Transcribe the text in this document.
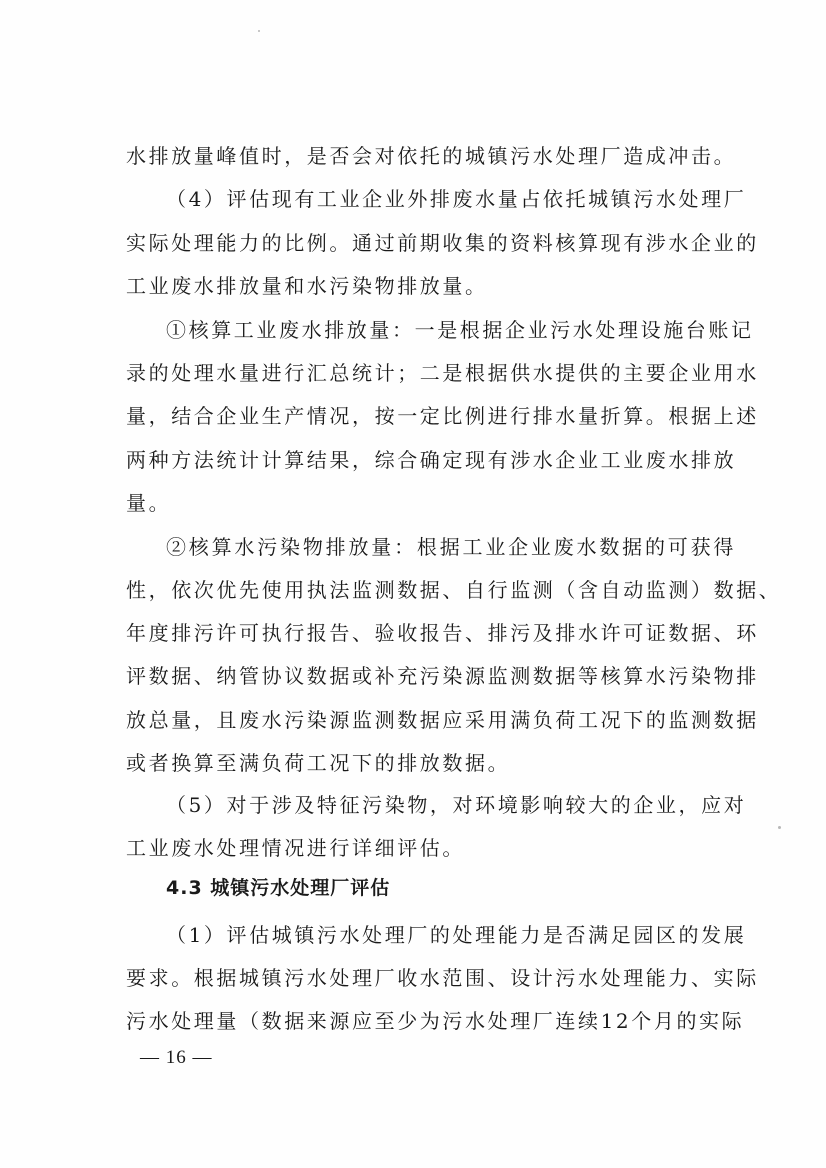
水排放量峰值时，是否会对依托的城镇污水处理厂造成冲击。
（4）评估现有工业企业外排废水量占依托城镇污水处理厂
实际处理能力的比例。通过前期收集的资料核算现有涉水企业的
工业废水排放量和水污染物排放量。
①核算工业废水排放量：一是根据企业污水处理设施台账记
录的处理水量进行汇总统计；二是根据供水提供的主要企业用水
量，结合企业生产情况，按一定比例进行排水量折算。根据上述
两种方法统计计算结果，综合确定现有涉水企业工业废水排放
量。
②核算水污染物排放量：根据工业企业废水数据的可获得
性，依次优先使用执法监测数据、自行监测（含自动监测）数据、
年度排污许可执行报告、验收报告、排污及排水许可证数据、环
评数据、纳管协议数据或补充污染源监测数据等核算水污染物排
放总量，且废水污染源监测数据应采用满负荷工况下的监测数据
或者换算至满负荷工况下的排放数据。
（5）对于涉及特征污染物，对环境影响较大的企业，应对
工业废水处理情况进行详细评估。
4.3 城镇污水处理厂评估
（1）评估城镇污水处理厂的处理能力是否满足园区的发展
要求。根据城镇污水处理厂收水范围、设计污水处理能力、实际
污水处理量（数据来源应至少为污水处理厂连续12个月的实际
— 16 —
